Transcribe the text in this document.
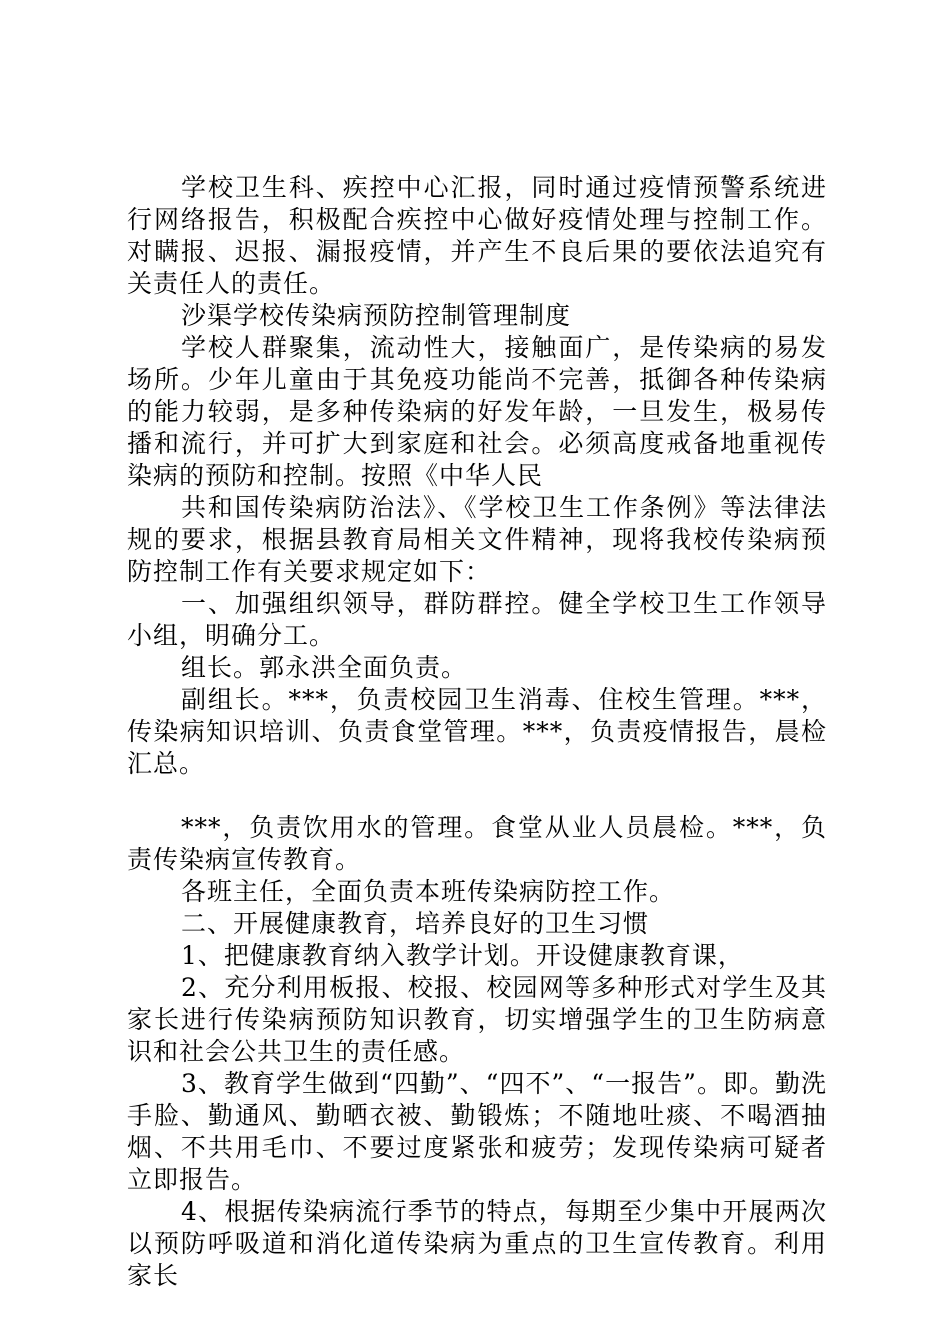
学校卫生科、疾控中心汇报，同时通过疫情预警系统进行网络报告，积极配合疾控中心做好疫情处理与控制工作。对瞒报、迟报、漏报疫情，并产生不良后果的要依法追究有关责任人的责任。

沙渠学校传染病预防控制管理制度

学校人群聚集，流动性大，接触面广，是传染病的易发场所。少年儿童由于其免疫功能尚不完善，抵御各种传染病的能力较弱，是多种传染病的好发年龄，一旦发生，极易传播和流行，并可扩大到家庭和社会。必须高度戒备地重视传染病的预防和控制。按照《中华人民

共和国传染病防治法》、《学校卫生工作条例》等法律法规的要求，根据县教育局相关文件精神，现将我校传染病预防控制工作有关要求规定如下：

一、加强组织领导，群防群控。健全学校卫生工作领导小组，明确分工。

组长。郭永洪全面负责。

副组长。***，负责校园卫生消毒、住校生管理。***，传染病知识培训、负责食堂管理。***，负责疫情报告，晨检汇总。

***，负责饮用水的管理。食堂从业人员晨检。***，负责传染病宣传教育。

各班主任，全面负责本班传染病防控工作。

二、开展健康教育，培养良好的卫生习惯

1、把健康教育纳入教学计划。开设健康教育课，

2、充分利用板报、校报、校园网等多种形式对学生及其家长进行传染病预防知识教育，切实增强学生的卫生防病意识和社会公共卫生的责任感。

3、教育学生做到“四勤”、“四不”、“一报告”。即。勤洗手脸、勤通风、勤晒衣被、勤锻炼；不随地吐痰、不喝酒抽烟、不共用毛巾、不要过度紧张和疲劳；发现传染病可疑者立即报告。

4、根据传染病流行季节的特点，每期至少集中开展两次以预防呼吸道和消化道传染病为重点的卫生宣传教育。利用家长
